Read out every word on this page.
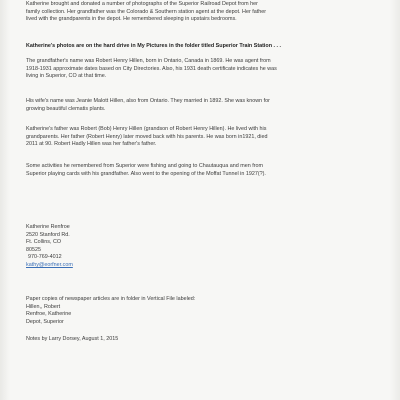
Katherine brought and donated a number of photographs of the Superior Railroad Depot from her
family collection. Her grandfather was the Colorado & Southern station agent at the depot. Her father
lived with the grandparents in the depot. He remembered sleeping in upstairs bedrooms.

Katherine's photos are on the hard drive in My Pictures in the folder titled Superior Train Station . . .

The grandfather's name was Robert Henry Hillen, born in Ontario, Canada in 1869. He was agent from
1918-1931 approximate dates based on City Directories. Also, his 1931 death certificate indicates he was
living in Superior, CO at that time.

His wife's name was Jeanie Malott Hillen, also from Ontario. They married in 1892. She was known for
growing beautiful clematis plants.

Katherine's father was Robert (Bob) Henry Hillen (grandson of Robert Henry Hillen). He lived with his
grandparents. Her father (Robert Henry) later moved back with his parents. He was born in1921, died
2011 at 90. Robert Hadly Hillen was her father's father.

Some activities he remembered from Superior were fishing and going to Chautauqua and men from
Superior playing cards with his grandfather. Also went to the opening of the Moffat Tunnel in 1927(?).

Katherine Renfroe

2520 Stanford Rd.

Ft. Collins, CO

80525

970-769-4012

kathy@eorfner.com

Paper copies of newspaper articles are in folder in Vertical File labeled:
Hillen,, Robert
Renfroe, Katherine
Depot, Superior

Notes by Larry Dorsey, August 1, 2015
